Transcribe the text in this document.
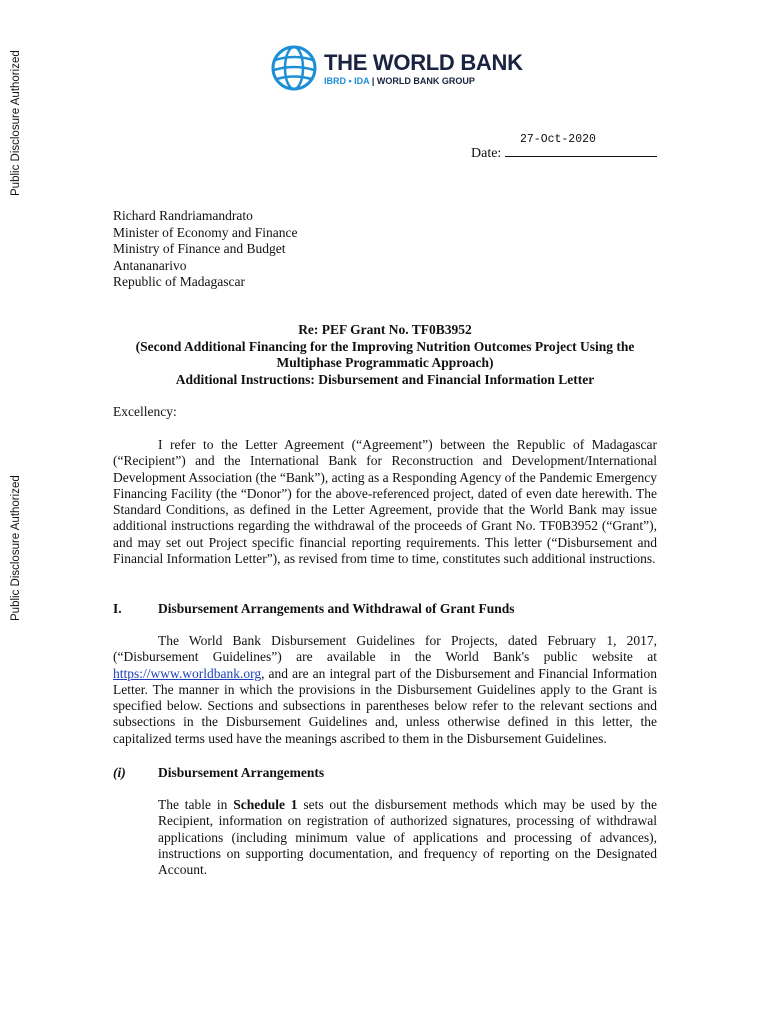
Public Disclosure Authorized
Public Disclosure Authorized
THE WORLD BANK
IBRD • IDA | WORLD BANK GROUP
27-Oct-2020
Date:
Richard Randriamandrato
Minister of Economy and Finance
Ministry of Finance and Budget
Antananarivo
Republic of Madagascar
Re: PEF Grant No. TF0B3952
(Second Additional Financing for the Improving Nutrition Outcomes Project Using the
Multiphase Programmatic Approach)
Additional Instructions: Disbursement and Financial Information Letter
Excellency:
I refer to the Letter Agreement (“Agreement”) between the Republic of Madagascar (“Recipient”) and the International Bank for Reconstruction and Development/International Development Association (the “Bank”), acting as a Responding Agency of the Pandemic Emergency Financing Facility (the “Donor”) for the above-referenced project, dated of even date herewith. The Standard Conditions, as defined in the Letter Agreement, provide that the World Bank may issue additional instructions regarding the withdrawal of the proceeds of Grant No. TF0B3952 (“Grant”), and may set out Project specific financial reporting requirements. This letter (“Disbursement and Financial Information Letter”), as revised from time to time, constitutes such additional instructions.
I.	Disbursement Arrangements and Withdrawal of Grant Funds
The World Bank Disbursement Guidelines for Projects, dated February 1, 2017, (“Disbursement Guidelines”) are available in the World Bank's public website at https://www.worldbank.org, and are an integral part of the Disbursement and Financial Information Letter. The manner in which the provisions in the Disbursement Guidelines apply to the Grant is specified below. Sections and subsections in parentheses below refer to the relevant sections and subsections in the Disbursement Guidelines and, unless otherwise defined in this letter, the capitalized terms used have the meanings ascribed to them in the Disbursement Guidelines.
(i) Disbursement Arrangements
The table in Schedule 1 sets out the disbursement methods which may be used by the Recipient, information on registration of authorized signatures, processing of withdrawal applications (including minimum value of applications and processing of advances), instructions on supporting documentation, and frequency of reporting on the Designated Account.
